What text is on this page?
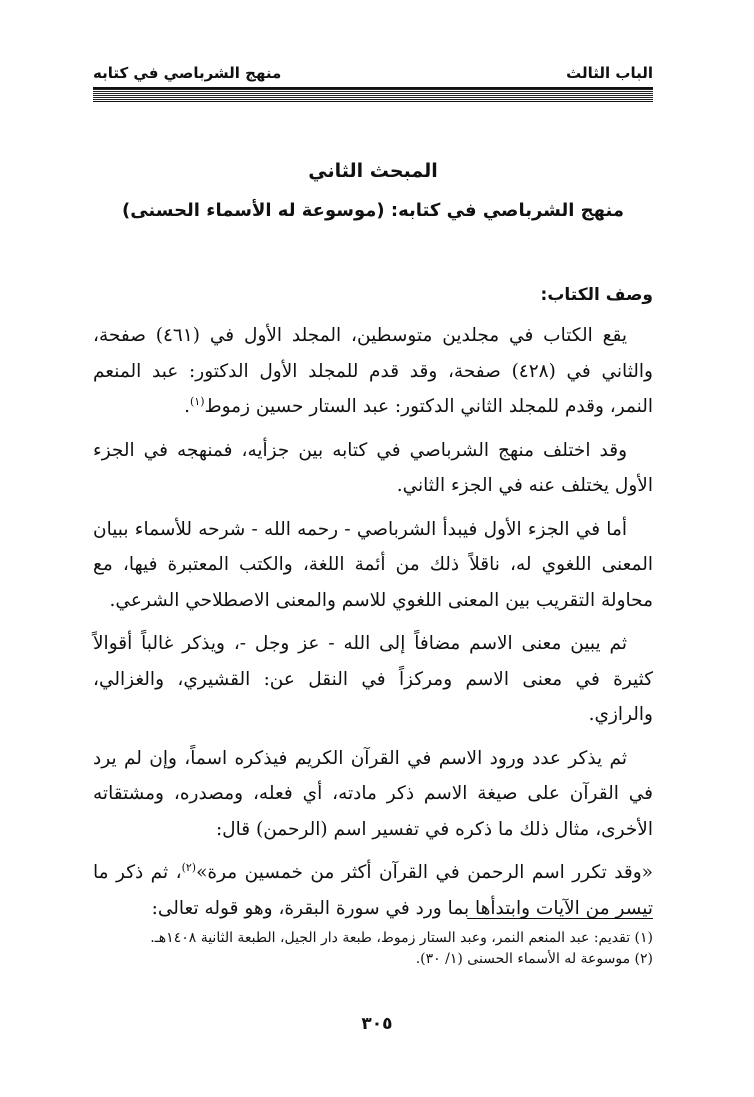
الباب الثالث
منهج الشرباصي في كتابه

المبحث الثاني

منهج الشرباصي في كتابه: (موسوعة له الأسماء الحسنى)

وصف الكتاب:

يقع الكتاب في مجلدين متوسطين، المجلد الأول في (٤٦١) صفحة، والثاني في (٤٢٨) صفحة، وقد قدم للمجلد الأول الدكتور: عبد المنعم النمر، وقدم للمجلد الثاني الدكتور: عبد الستار حسين زموط$^{(١)}$.

وقد اختلف منهج الشرباصي في كتابه بين جزأيه، فمنهجه في الجزء الأول يختلف عنه في الجزء الثاني.

أما في الجزء الأول فيبدأ الشرباصي - رحمه الله - شرحه للأسماء ببيان المعنى اللغوي له، ناقلاً ذلك من أئمة اللغة، والكتب المعتبرة فيها، مع محاولة التقريب بين المعنى اللغوي للاسم والمعنى الاصطلاحي الشرعي.

ثم يبين معنى الاسم مضافاً إلى الله - عز وجل -، ويذكر غالباً أقوالاً كثيرة في معنى الاسم ومركزاً في النقل عن: القشيري، والغزالي، والرازي.

ثم يذكر عدد ورود الاسم في القرآن الكريم فيذكره اسماً، وإن لم يرد في القرآن على صيغة الاسم ذكر مادته، أي فعله، ومصدره، ومشتقاته الأخرى، مثال ذلك ما ذكره في تفسير اسم (الرحمن) قال:

«وقد تكرر اسم الرحمن في القرآن أكثر من خمسين مرة»$^{(٢)}$، ثم ذكر ما تيسر من الآيات وابتدأها بما ورد في سورة البقرة، وهو قوله تعالى:

(١) تقديم: عبد المنعم النمر، وعبد الستار زموط، طبعة دار الجيل، الطبعة الثانية ١٤٠٨هـ.
(٢) موسوعة له الأسماء الحسنى (١/ ٣٠).
٣٠٥
